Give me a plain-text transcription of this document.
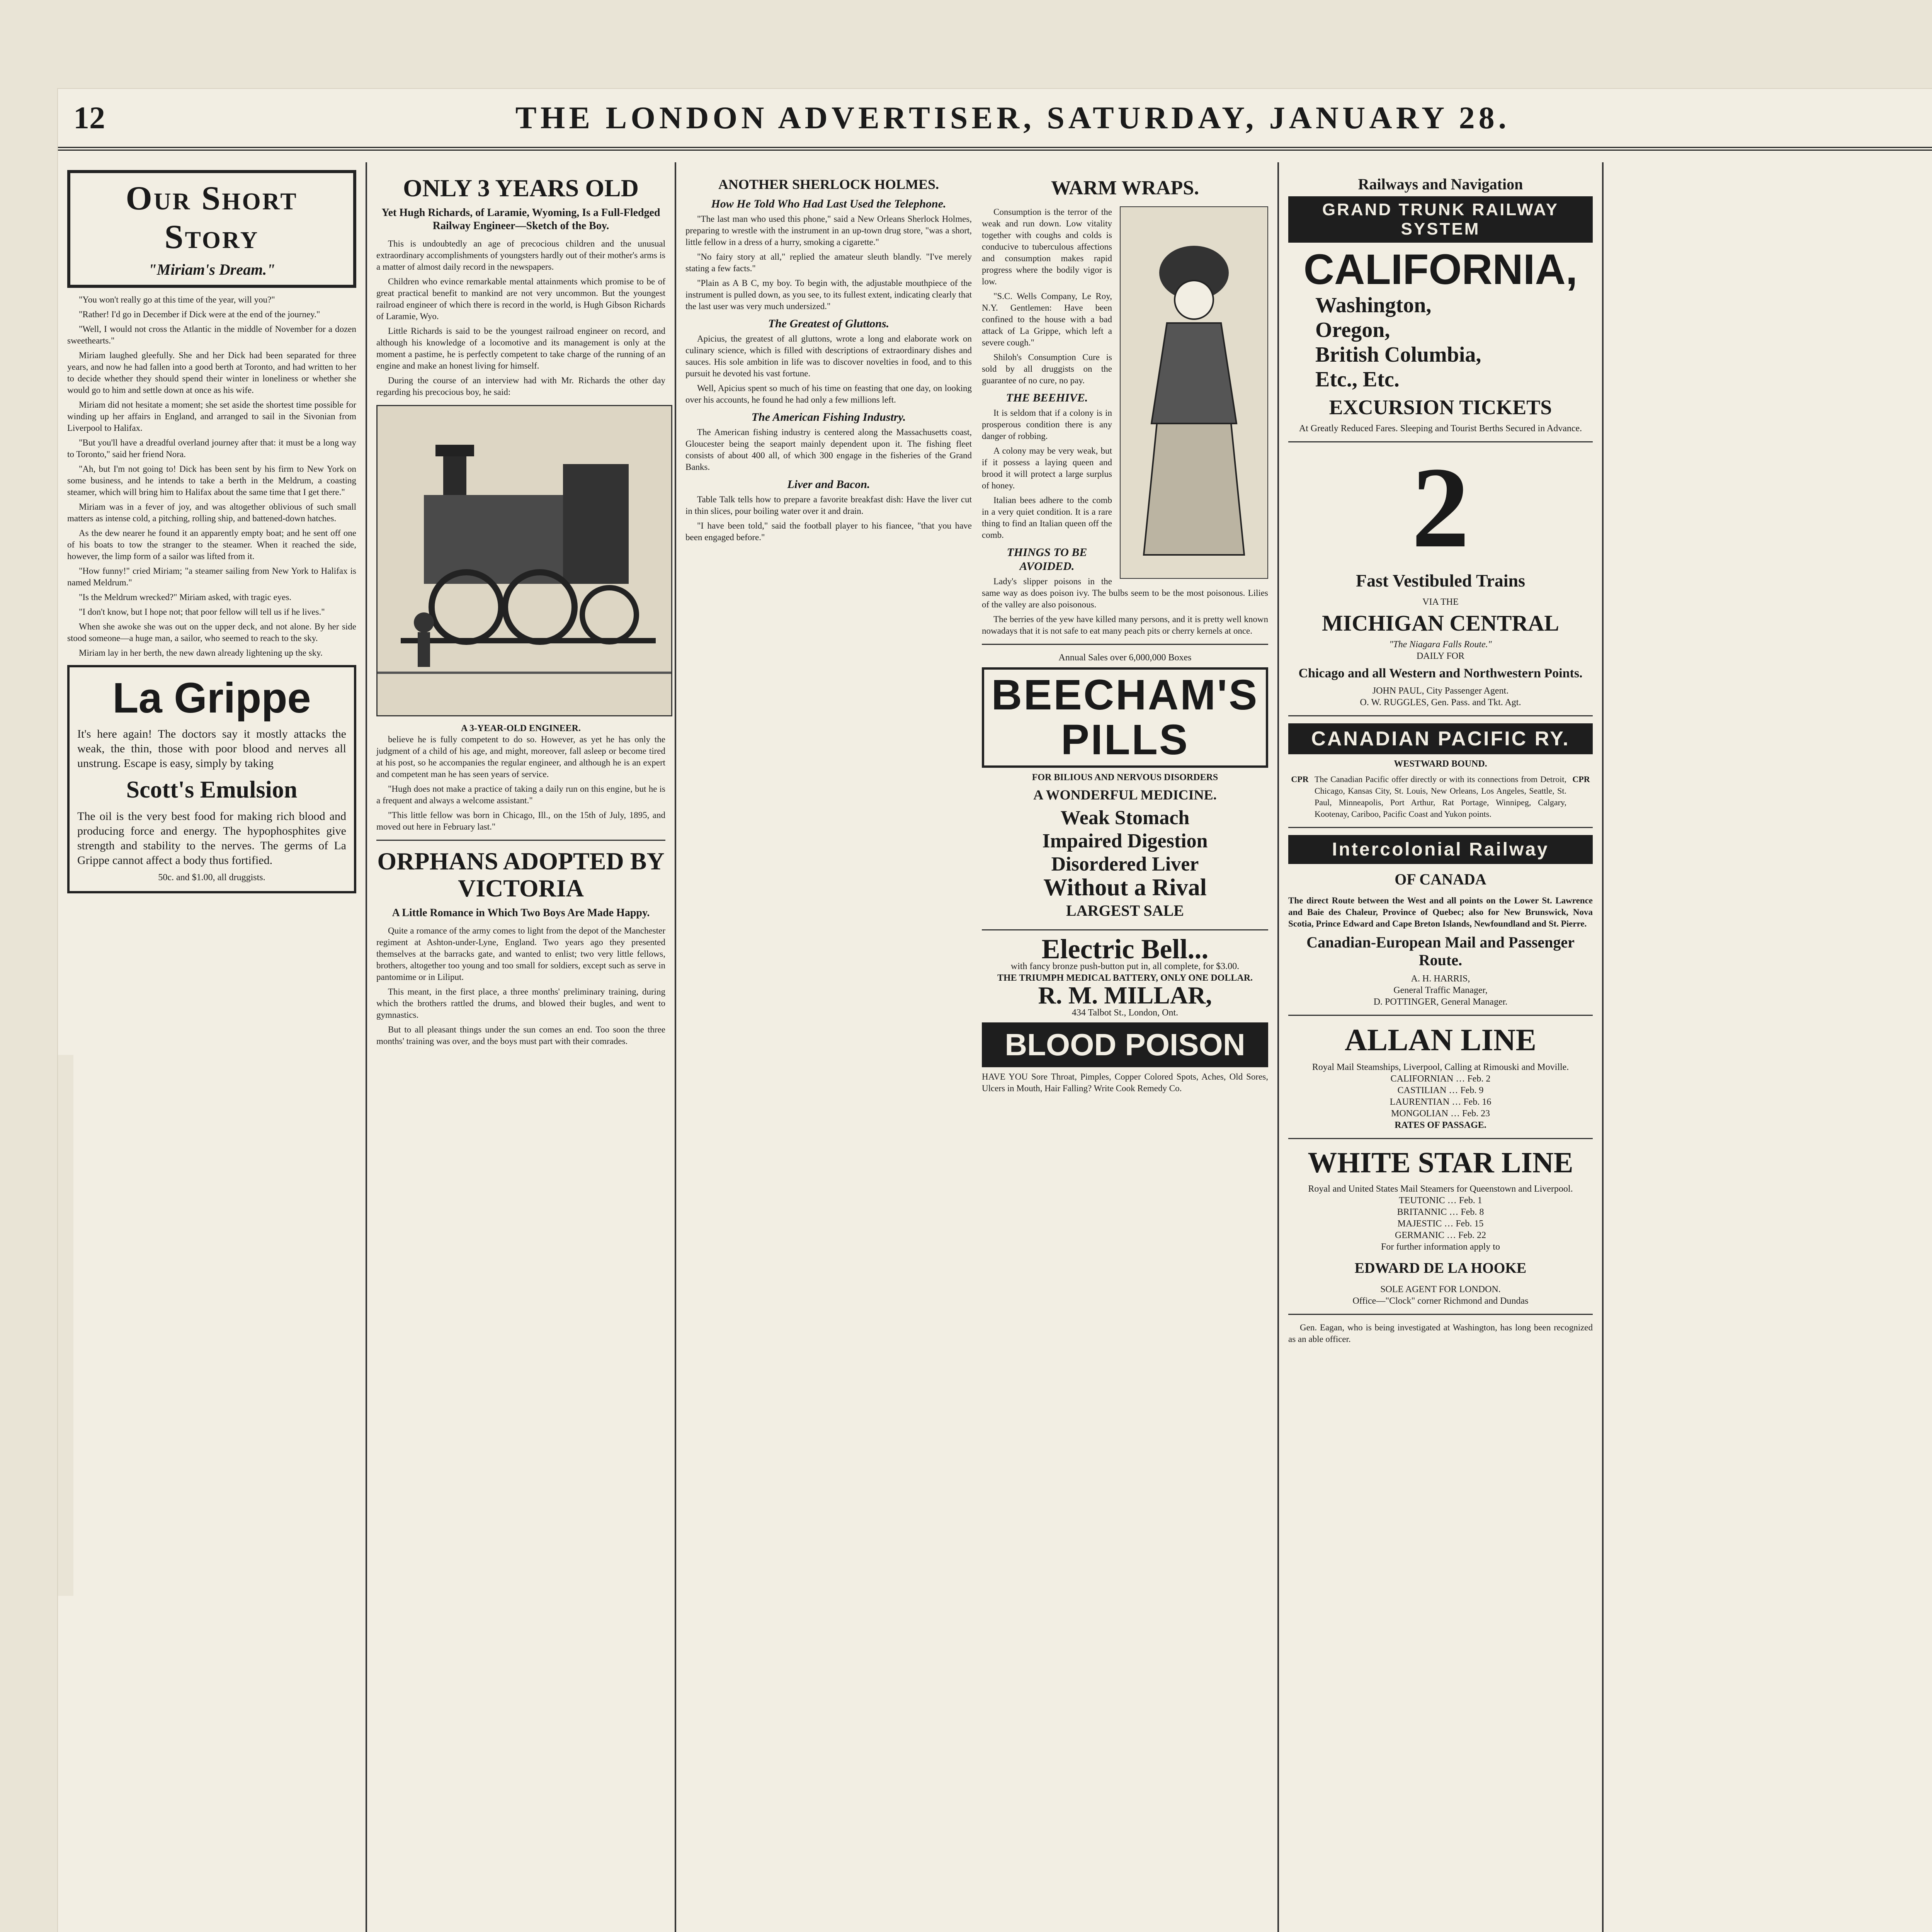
12	THE LONDON ADVERTISER, SATURDAY, JANUARY 28.
Our Short Story
"Miriam's Dream."

"You won't really go at this time of the year, will you?"

"Rather! I'd go in December if Dick were at the end of the journey."

"Well, I would not cross the Atlantic in the middle of November for a dozen sweethearts."

Miriam laughed gleefully. She and her Dick had been separated for three years, and now he had fallen into a good berth at Toronto, and had written to her to decide whether they should spend their winter in loneliness or whether she would go to him and settle down at once as his wife.

Miriam did not hesitate a moment; she set aside the shortest time possible for winding up her affairs in England, and arranged to sail in the Sivonian from Liverpool to Halifax.

"But you'll have a dreadful overland journey after that: it must be a long way to Toronto," said her friend Nora.

"Ah, but I'm not going to! Dick has been sent by his firm to New York on some business, and he intends to take a berth in the Meldrum, a coasting steamer, which will bring him to Halifax about the same time that I get there."

Miriam was in a fever of joy, and was altogether oblivious of such small matters as intense cold, a pitching, rolling ship, and battened-down hatches.

As the dew nearer he found it an apparently empty boat; and he sent off one of his boats to tow the stranger to the steamer. When it reached the side, however, the limp form of a sailor was lifted from it.

"How funny!" cried Miriam; "a steamer sailing from New York to Halifax is named Meldrum."

"Is the Meldrum wrecked?" Miriam asked, with tragic eyes.

"I don't know, but I hope not; that poor fellow will tell us if he lives."

When she awoke she was out on the upper deck, and not alone. By her side stood someone—a huge man, a sailor, who seemed to reach to the sky.

Miriam lay in her berth, the new dawn already lightening up the sky.

La Grippe
It's here again! The doctors say it mostly attacks the weak, the thin, those with poor blood and nerves all unstrung. Escape is easy, simply by taking
Scott's Emulsion
The oil is the very best food for making rich blood and producing force and energy. The hypophosphites give strength and stability to the nerves. The germs of La Grippe cannot affect a body thus fortified.
50c. and $1.00, all druggists.
ONLY 3 YEARS OLD
Yet Hugh Richards, of Laramie, Wyoming, Is a Full-Fledged Railway Engineer—Sketch of the Boy.

This is undoubtedly an age of precocious children and the unusual extraordinary accomplishments of youngsters hardly out of their mother's arms is a matter of almost daily record in the newspapers.

Children who evince remarkable mental attainments which promise to be of great practical benefit to mankind are not very uncommon. But the youngest railroad engineer of which there is record in the world, is Hugh Gibson Richards of Laramie, Wyo.

Little Richards is said to be the youngest railroad engineer on record, and although his knowledge of a locomotive and its management is only at the moment a pastime, he is perfectly competent to take charge of the running of an engine and make an honest living for himself.

During the course of an interview had with Mr. Richards the other day regarding his precocious boy, he said:

A 3-YEAR-OLD ENGINEER.

believe he is fully competent to do so. However, as yet he has only the judgment of a child of his age, and might, moreover, fall asleep or become tired at his post, so he accompanies the regular engineer, and although he is an expert and competent man he has seen years of service.

"Hugh does not make a practice of taking a daily run on this engine, but he is a frequent and always a welcome assistant."

"This little fellow was born in Chicago, Ill., on the 15th of July, 1895, and moved out here in February last."

ORPHANS ADOPTED BY VICTORIA
A Little Romance in Which Two Boys Are Made Happy.

Quite a romance of the army comes to light from the depot of the Manchester regiment at Ashton-under-Lyne, England. Two years ago they presented themselves at the barracks gate, and wanted to enlist; two very little fellows, brothers, altogether too young and too small for soldiers, except such as serve in pantomime or in Liliput.

This meant, in the first place, a three months' preliminary training, during which the brothers rattled the drums, and blowed their bugles, and went to gymnastics.

But to all pleasant things under the sun comes an end. Too soon the three months' training was over, and the boys must part with their comrades.

ANOTHER SHERLOCK HOLMES.
How He Told Who Had Last Used the Telephone.

"The last man who used this phone," said a New Orleans Sherlock Holmes, preparing to wrestle with the instrument in an up-town drug store, "was a short, little fellow in a dress of a hurry, smoking a cigarette."

"No fairy story at all," replied the amateur sleuth blandly. "I've merely stating a few facts."

"Plain as A B C, my boy. To begin with, the adjustable mouthpiece of the instrument is pulled down, as you see, to its fullest extent, indicating clearly that the last user was very much undersized."

The Greatest of Gluttons.

Apicius, the greatest of all gluttons, wrote a long and elaborate work on culinary science, which is filled with descriptions of extraordinary dishes and sauces. His sole ambition in life was to discover novelties in food, and to this pursuit he devoted his vast fortune.

Well, Apicius spent so much of his time on feasting that one day, on looking over his accounts, he found he had only a few millions left.

The American Fishing Industry.

The American fishing industry is centered along the Massachusetts coast, Gloucester being the seaport mainly dependent upon it. The fishing fleet consists of about 400 all, of which 300 engage in the fisheries of the Grand Banks.

Liver and Bacon.

Table Talk tells how to prepare a favorite breakfast dish: Have the liver cut in thin slices, pour boiling water over it and drain.

"I have been told," said the football player to his fiancee, "that you have been engaged before."

WARM WRAPS.

Consumption is the terror of the weak and run down. Low vitality together with coughs and colds is conducive to tuberculous affections and consumption makes rapid progress where the bodily vigor is low.

"S.C. Wells Company, Le Roy, N.Y. Gentlemen: Have been confined to the house with a bad attack of La Grippe, which left a severe cough."

Shiloh's Consumption Cure is sold by all druggists on the guarantee of no cure, no pay.

THE BEEHIVE.

It is seldom that if a colony is in prosperous condition there is any danger of robbing.

A colony may be very weak, but if it possess a laying queen and brood it will protect a large surplus of honey.

Italian bees adhere to the comb in a very quiet condition. It is a rare thing to find an Italian queen off the comb.

THINGS TO BE AVOIDED.

Lady's slipper poisons in the same way as does poison ivy. The bulbs seem to be the most poisonous. Lilies of the valley are also poisonous.

The berries of the yew have killed many persons, and it is pretty well known nowadays that it is not safe to eat many peach pits or cherry kernels at once.

Annual Sales over 6,000,000 Boxes
BEECHAM'S PILLS
FOR BILIOUS AND NERVOUS DISORDERS
A WONDERFUL MEDICINE.
Weak Stomach
Impaired Digestion
Disordered Liver
Without a Rival
LARGEST SALE
Electric Bell...
with fancy bronze push-button put in, all complete, for $3.00.
THE TRIUMPH MEDICAL BATTERY, ONLY ONE DOLLAR.
R. M. MILLAR,
434 Talbot St., London, Ont.
BLOOD POISON
HAVE YOU Sore Throat, Pimples, Copper Colored Spots, Aches, Old Sores, Ulcers in Mouth, Hair Falling? Write Cook Remedy Co.
Railways and Navigation
GRAND TRUNK RAILWAY SYSTEM
CALIFORNIA,
Washington,
Oregon,
British Columbia,
Etc., Etc.
EXCURSION TICKETS
At Greatly Reduced Fares. Sleeping and Tourist Berths Secured in Advance.
2
Fast Vestibuled Trains
VIA THE
MICHIGAN CENTRAL
"The Niagara Falls Route."
DAILY FOR
Chicago and all Western and Northwestern Points.
JOHN PAUL, City Passenger Agent.
O. W. RUGGLES, Gen. Pass. and Tkt. Agt.
CANADIAN PACIFIC RY.
WESTWARD BOUND.
CPR The Canadian Pacific offer directly or with its connections from Detroit, Chicago, Kansas City, St. Louis, New Orleans, Los Angeles, Seattle, St. Paul, Minneapolis, Port Arthur, Rat Portage, Winnipeg, Calgary, Kootenay, Cariboo, Pacific Coast and Yukon points.
CPR
Intercolonial Railway
OF CANADA
The direct Route between the West and all points on the Lower St. Lawrence and Baie des Chaleur, Province of Quebec; also for New Brunswick, Nova Scotia, Prince Edward and Cape Breton Islands, Newfoundland and St. Pierre.
Canadian-European Mail and Passenger Route.
A. H. HARRIS,
General Traffic Manager,
D. POTTINGER, General Manager.
ALLAN LINE
Royal Mail Steamships, Liverpool, Calling at Rimouski and Moville.
CALIFORNIAN … Feb. 2
CASTILIAN … Feb. 9
LAURENTIAN … Feb. 16
MONGOLIAN … Feb. 23
RATES OF PASSAGE.
WHITE STAR LINE
Royal and United States Mail Steamers for Queenstown and Liverpool.
TEUTONIC … Feb. 1
BRITANNIC … Feb. 8
MAJESTIC … Feb. 15
GERMANIC … Feb. 22
For further information apply to
EDWARD DE LA HOOKE
SOLE AGENT FOR LONDON.
Office—"Clock" corner Richmond and Dundas

Gen. Eagan, who is being investigated at Washington, has long been recognized as an able officer.
